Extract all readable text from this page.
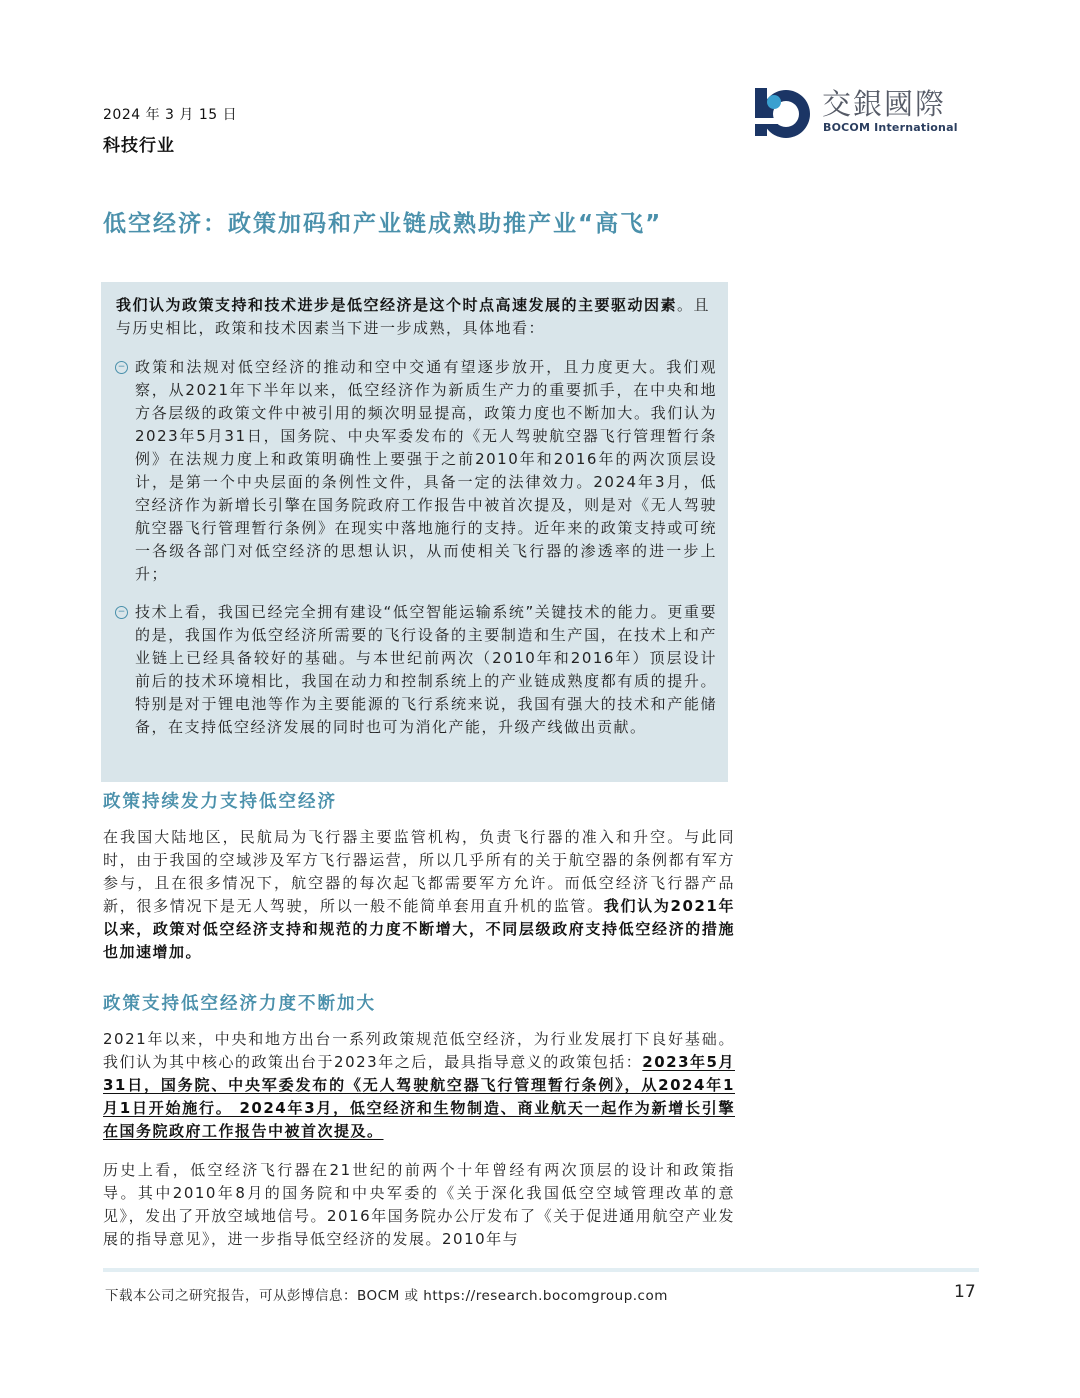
2024 年 3 月 15 日
科技行业
交銀國際
BOCOM International
低空经济：政策加码和产业链成熟助推产业“高飞”
我们认为政策支持和技术进步是低空经济是这个时点高速发展的主要驱动因素。且与历史相比，政策和技术因素当下进一步成熟，具体地看：
− 政策和法规对低空经济的推动和空中交通有望逐步放开，且力度更大。我们观察，从2021年下半年以来，低空经济作为新质生产力的重要抓手，在中央和地方各层级的政策文件中被引用的频次明显提高，政策力度也不断加大。我们认为2023年5月31日，国务院、中央军委发布的《无人驾驶航空器飞行管理暂行条例》在法规力度上和政策明确性上要强于之前2010年和2016年的两次顶层设计，是第一个中央层面的条例性文件，具备一定的法律效力。2024年3月，低空经济作为新增长引擎在国务院政府工作报告中被首次提及，则是对《无人驾驶航空器飞行管理暂行条例》在现实中落地施行的支持。近年来的政策支持或可统一各级各部门对低空经济的思想认识，从而使相关飞行器的渗透率的进一步上升；
− 技术上看，我国已经完全拥有建设“低空智能运输系统”关键技术的能力。更重要的是，我国作为低空经济所需要的飞行设备的主要制造和生产国，在技术上和产业链上已经具备较好的基础。与本世纪前两次（2010年和2016年）顶层设计前后的技术环境相比，我国在动力和控制系统上的产业链成熟度都有质的提升。特别是对于锂电池等作为主要能源的飞行系统来说，我国有强大的技术和产能储备，在支持低空经济发展的同时也可为消化产能，升级产线做出贡献。
政策持续发力支持低空经济
在我国大陆地区，民航局为飞行器主要监管机构，负责飞行器的准入和升空。与此同时，由于我国的空域涉及军方飞行器运营，所以几乎所有的关于航空器的条例都有军方参与，且在很多情况下，航空器的每次起飞都需要军方允许。而低空经济飞行器产品新，很多情况下是无人驾驶，所以一般不能简单套用直升机的监管。我们认为2021年以来，政策对低空经济支持和规范的力度不断增大，不同层级政府支持低空经济的措施也加速增加。
政策支持低空经济力度不断加大
2021年以来，中央和地方出台一系列政策规范低空经济，为行业发展打下良好基础。我们认为其中核心的政策出台于2023年之后，最具指导意义的政策包括：2023年5月31日，国务院、中央军委发布的《无人驾驶航空器飞行管理暂行条例》，从2024年1月1日开始施行。 2024年3月，低空经济和生物制造、商业航天一起作为新增长引擎在国务院政府工作报告中被首次提及。
历史上看，低空经济飞行器在21世纪的前两个十年曾经有两次顶层的设计和政策指导。其中2010年8月的国务院和中央军委的《关于深化我国低空空域管理改革的意见》，发出了开放空域地信号。2016年国务院办公厅发布了《关于促进通用航空产业发展的指导意见》，进一步指导低空经济的发展。2010年与
下载本公司之研究报告，可从彭博信息：BOCM 或 https://research.bocomgroup.com	17
